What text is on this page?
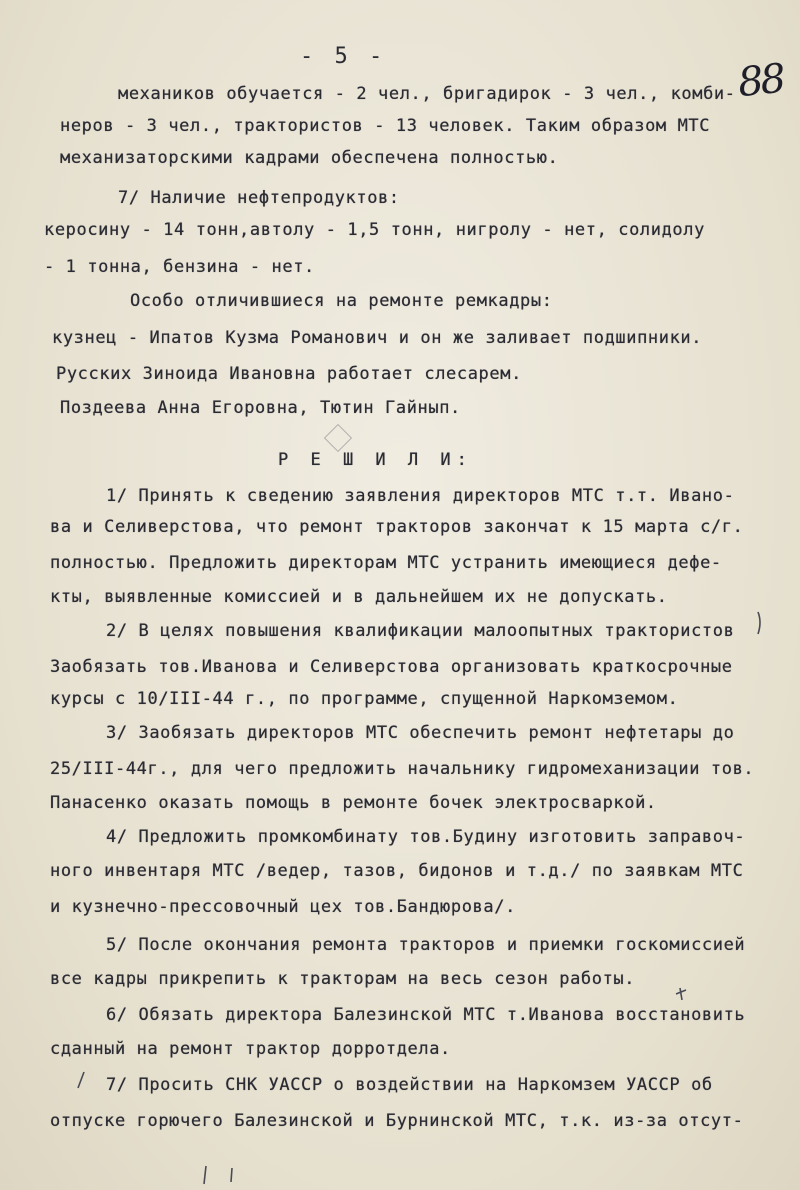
- 5 -	88
механиков обучается - 2 чел., бригадирок - 3 чел., комби-
неров - 3 чел., трактористов - 13 человек. Таким образом МТС
механизаторскими кадрами обеспечена полностью.
7/ Наличие нефтепродуктов:
керосину - 14 тонн,автолу - 1,5 тонн, нигролу - нет, солидолу
- 1 тонна, бензина - нет.
Особо отличившиеся на ремонте ремкадры:
кузнец - Ипатов Кузма Романович и он же заливает подшипники.
Русских Зиноида Ивановна работает слесарем.
Поздеева Анна Егоровна, Тютин Гайнып.
Р Е Ш И Л И:
1/ Принять к сведению заявления директоров МТС т.т. Ивано-
ва и Селиверстова, что ремонт тракторов закончат к 15 марта с/г.
полностью. Предложить директорам МТС устранить имеющиеся дефе-
кты, выявленные комиссией и в дальнейшем их не допускать.
2/ В целях повышения квалификации малоопытных трактористов
Заобязать тов.Иванова и Селиверстова организовать краткосрочные
курсы с 10/III-44 г., по программе, спущенной Наркомземом.
3/ Заобязать директоров МТС обеспечить ремонт нефтетары до
25/III-44г., для чего предложить начальнику гидромеханизации тов.
Панасенко оказать помощь в ремонте бочек электросваркой.
4/ Предложить промкомбинату тов.Будину изготовить заправоч-
ного инвентаря МТС /ведер, тазов, бидонов и т.д./ по заявкам МТС
и кузнечно-прессовочный цех тов.Бандюрова/.
5/ После окончания ремонта тракторов и приемки госкомиссией
все кадры прикрепить к тракторам на весь сезон работы.
6/ Обязать директора Балезинской МТС т.Иванова восстановить
сданный на ремонт трактор дорротдела.
7/ Просить СНК УАССР о воздействии на Наркомзем УАССР об
отпуске горючего Балезинской и Бурнинской МТС, т.к. из-за отсут-
